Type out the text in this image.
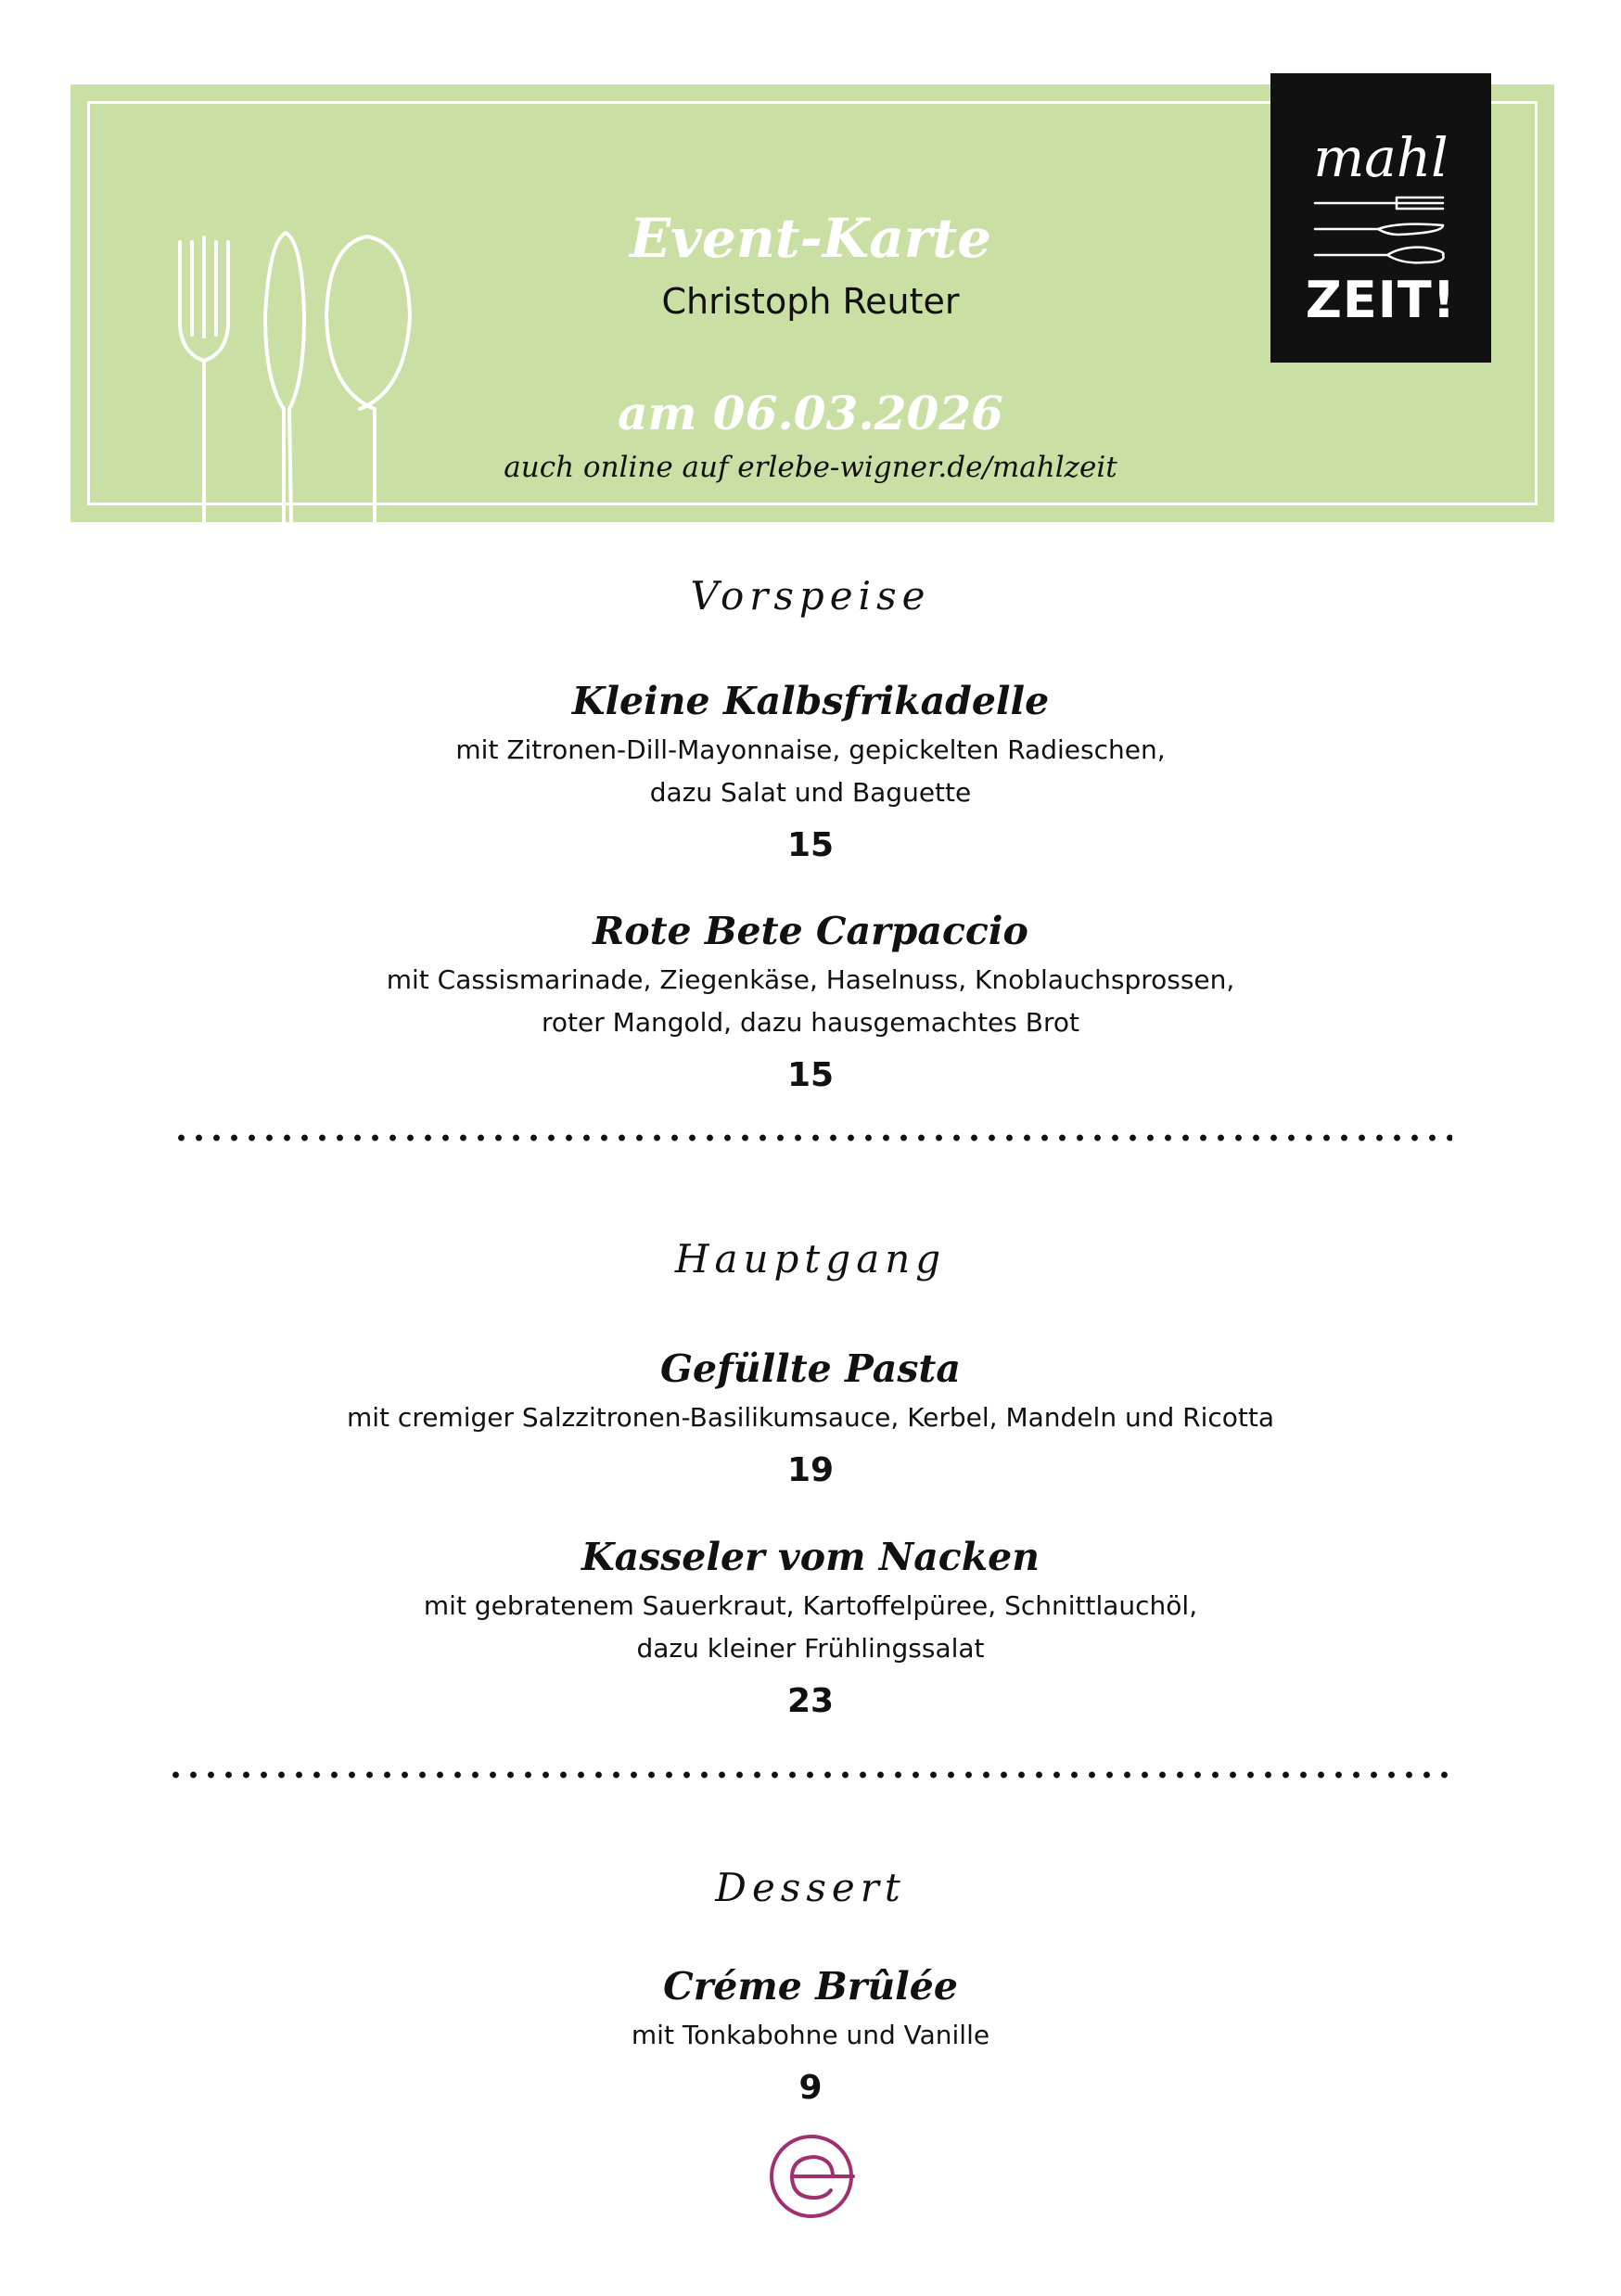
Event-Karte
Christoph Reuter
am 06.03.2026
auch online auf erlebe-wigner.de/mahlzeit
mahl
ZEIT!
Vorspeise
Kleine Kalbsfrikadelle
mit Zitronen-Dill-Mayonnaise, gepickelten Radieschen,
dazu Salat und Baguette
15
Rote Bete Carpaccio
mit Cassismarinade, Ziegenkäse, Haselnuss, Knoblauchsprossen,
roter Mangold, dazu hausgemachtes Brot
15
Hauptgang
Gefüllte Pasta
mit cremiger Salzzitronen-Basilikumsauce, Kerbel, Mandeln und Ricotta
19
Kasseler vom Nacken
mit gebratenem Sauerkraut, Kartoffelpüree, Schnittlauchöl,
dazu kleiner Frühlingssalat
23
Dessert
Créme Brûlée
mit Tonkabohne und Vanille
9
